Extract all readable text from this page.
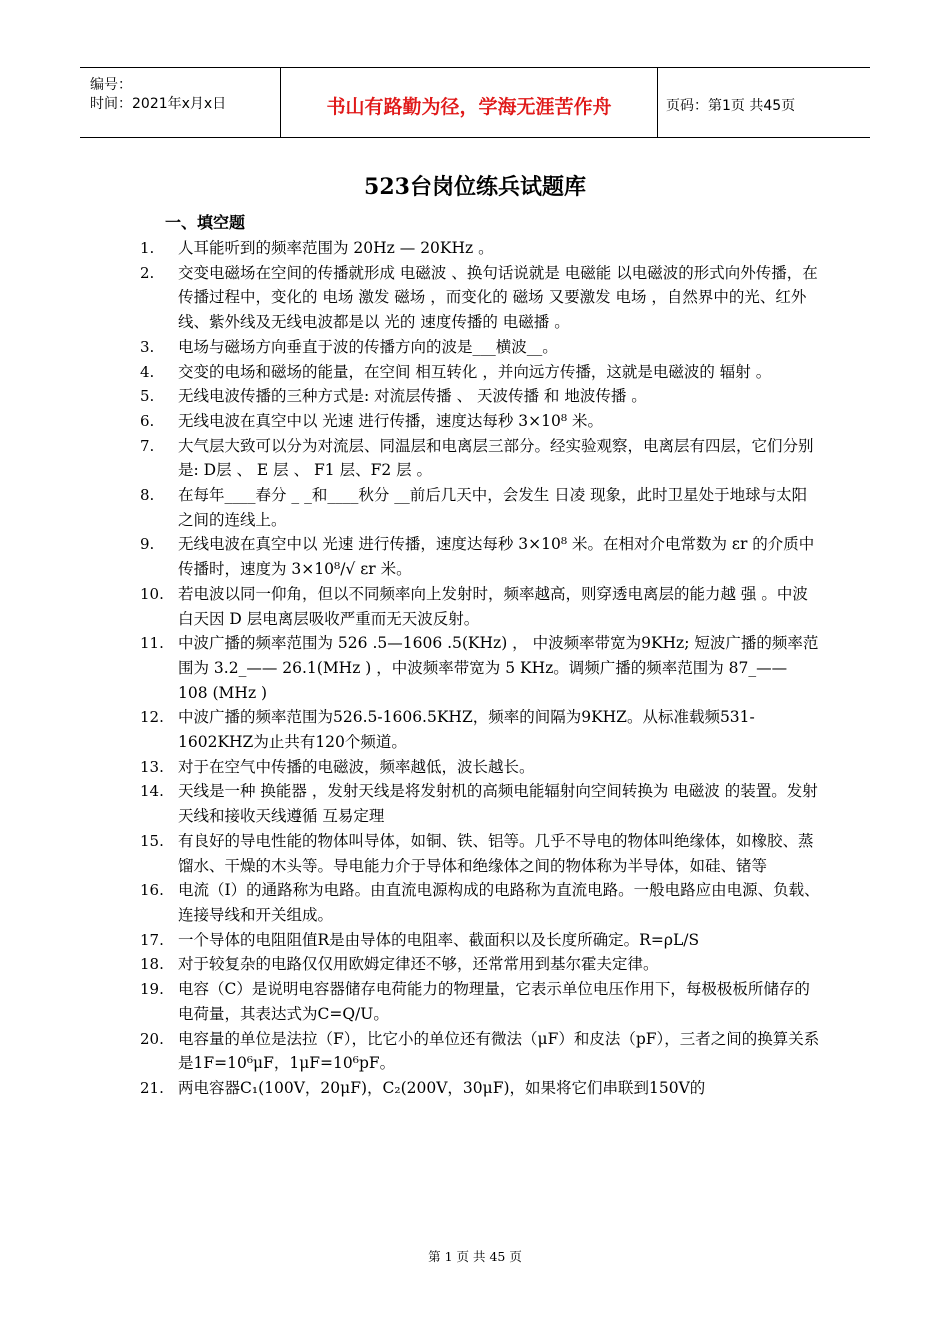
编号：
时间：2021年x月x日	书山有路勤为径，学海无涯苦作舟	页码：第1页 共45页
523台岗位练兵试题库
一、填空题
1. 人耳能听到的频率范围为 20Hz — 20KHz 。
2. 交变电磁场在空间的传播就形成 电磁波 、换句话说就是 电磁能 以电磁波的形式向外传播，在传播过程中，变化的 电场 激发 磁场 ，而变化的 磁场 又要激发 电场 ，自然界中的光、红外线、紫外线及无线电波都是以 光的 速度传播的 电磁播 。
3. 电场与磁场方向垂直于波的传播方向的波是___横波__。
4. 交变的电场和磁场的能量，在空间 相互转化 ，并向远方传播，这就是电磁波的 辐射 。
5. 无线电波传播的三种方式是: 对流层传播 、 天波传播 和 地波传播 。
6. 无线电波在真空中以 光速 进行传播，速度达每秒 3×10⁸ 米。
7. 大气层大致可以分为对流层、同温层和电离层三部分。经实验观察，电离层有四层，它们分别是: D层 、 E 层 、 F1 层、F2 层 。
8. 在每年____春分 _ _和____秋分 __前后几天中，会发生 日凌 现象，此时卫星处于地球与太阳之间的连线上。
9. 无线电波在真空中以 光速 进行传播，速度达每秒 3×10⁸ 米。在相对介电常数为 εr 的介质中传播时，速度为 3×10⁸/√ εr 米。
10. 若电波以同一仰角，但以不同频率向上发射时，频率越高，则穿透电离层的能力越 强 。中波白天因 D 层电离层吸收严重而无天波反射。
11. 中波广播的频率范围为 526 .5—1606 .5(KHz) ， 中波频率带宽为9KHz; 短波广播的频率范围为 3.2_—— 26.1(MHz ) ，中波频率带宽为 5 KHz。调频广播的频率范围为 87_—— 108 (MHz )
12. 中波广播的频率范围为526.5-1606.5KHZ，频率的间隔为9KHZ。从标准载频531-1602KHZ为止共有120个频道。
13. 对于在空气中传播的电磁波，频率越低，波长越长。
14. 天线是一种 换能器 ，发射天线是将发射机的高频电能辐射向空间转换为 电磁波 的装置。发射天线和接收天线遵循 互易定理
15. 有良好的导电性能的物体叫导体，如铜、铁、铝等。几乎不导电的物体叫绝缘体，如橡胶、蒸馏水、干燥的木头等。导电能力介于导体和绝缘体之间的物体称为半导体，如硅、锗等
16. 电流（I）的通路称为电路。由直流电源构成的电路称为直流电路。一般电路应由电源、负载、连接导线和开关组成。
17. 一个导体的电阻阻值R是由导体的电阻率、截面积以及长度所确定。R=ρL/S
18. 对于较复杂的电路仅仅用欧姆定律还不够，还常常用到基尔霍夫定律。
19. 电容（C）是说明电容器储存电荷能力的物理量，它表示单位电压作用下，每极极板所储存的电荷量，其表达式为C=Q/U。
20. 电容量的单位是法拉（F），比它小的单位还有微法（μF）和皮法（pF），三者之间的换算关系是1F=10⁶μF，1μF=10⁶pF。
21. 两电容器C₁(100V，20μF)，C₂(200V，30μF)，如果将它们串联到150V的
第 1 页 共 45 页
